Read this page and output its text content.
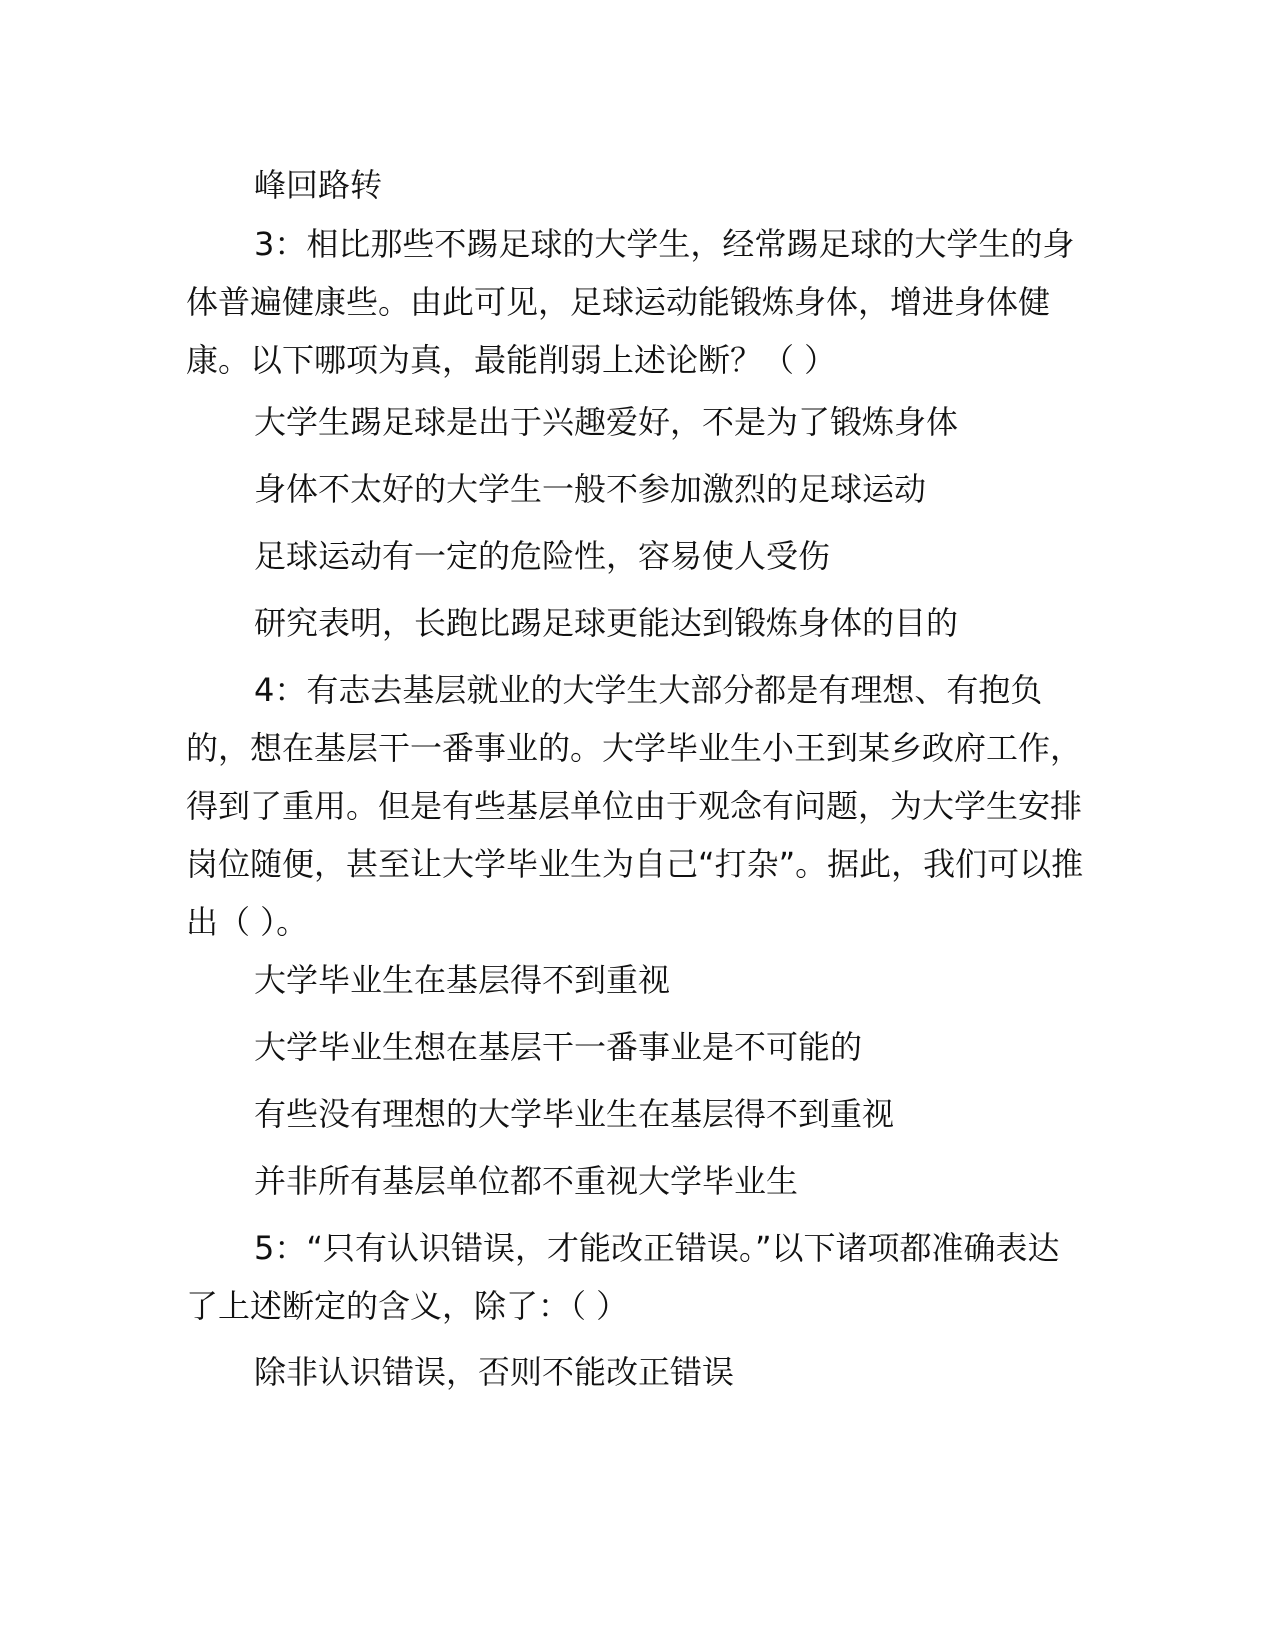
峰回路转

3：相比那些不踢足球的大学生，经常踢足球的大学生的身体普遍健康些。由此可见，足球运动能锻炼身体，增进身体健康。以下哪项为真，最能削弱上述论断？（ ）

大学生踢足球是出于兴趣爱好，不是为了锻炼身体

身体不太好的大学生一般不参加激烈的足球运动

足球运动有一定的危险性，容易使人受伤

研究表明，长跑比踢足球更能达到锻炼身体的目的

4：有志去基层就业的大学生大部分都是有理想、有抱负的，想在基层干一番事业的。大学毕业生小王到某乡政府工作，得到了重用。但是有些基层单位由于观念有问题，为大学生安排岗位随便，甚至让大学毕业生为自己“打杂”。据此，我们可以推出（ ）。

大学毕业生在基层得不到重视

大学毕业生想在基层干一番事业是不可能的

有些没有理想的大学毕业生在基层得不到重视

并非所有基层单位都不重视大学毕业生

5：“只有认识错误，才能改正错误。”以下诸项都准确表达了上述断定的含义，除了：（ ）

除非认识错误，否则不能改正错误
